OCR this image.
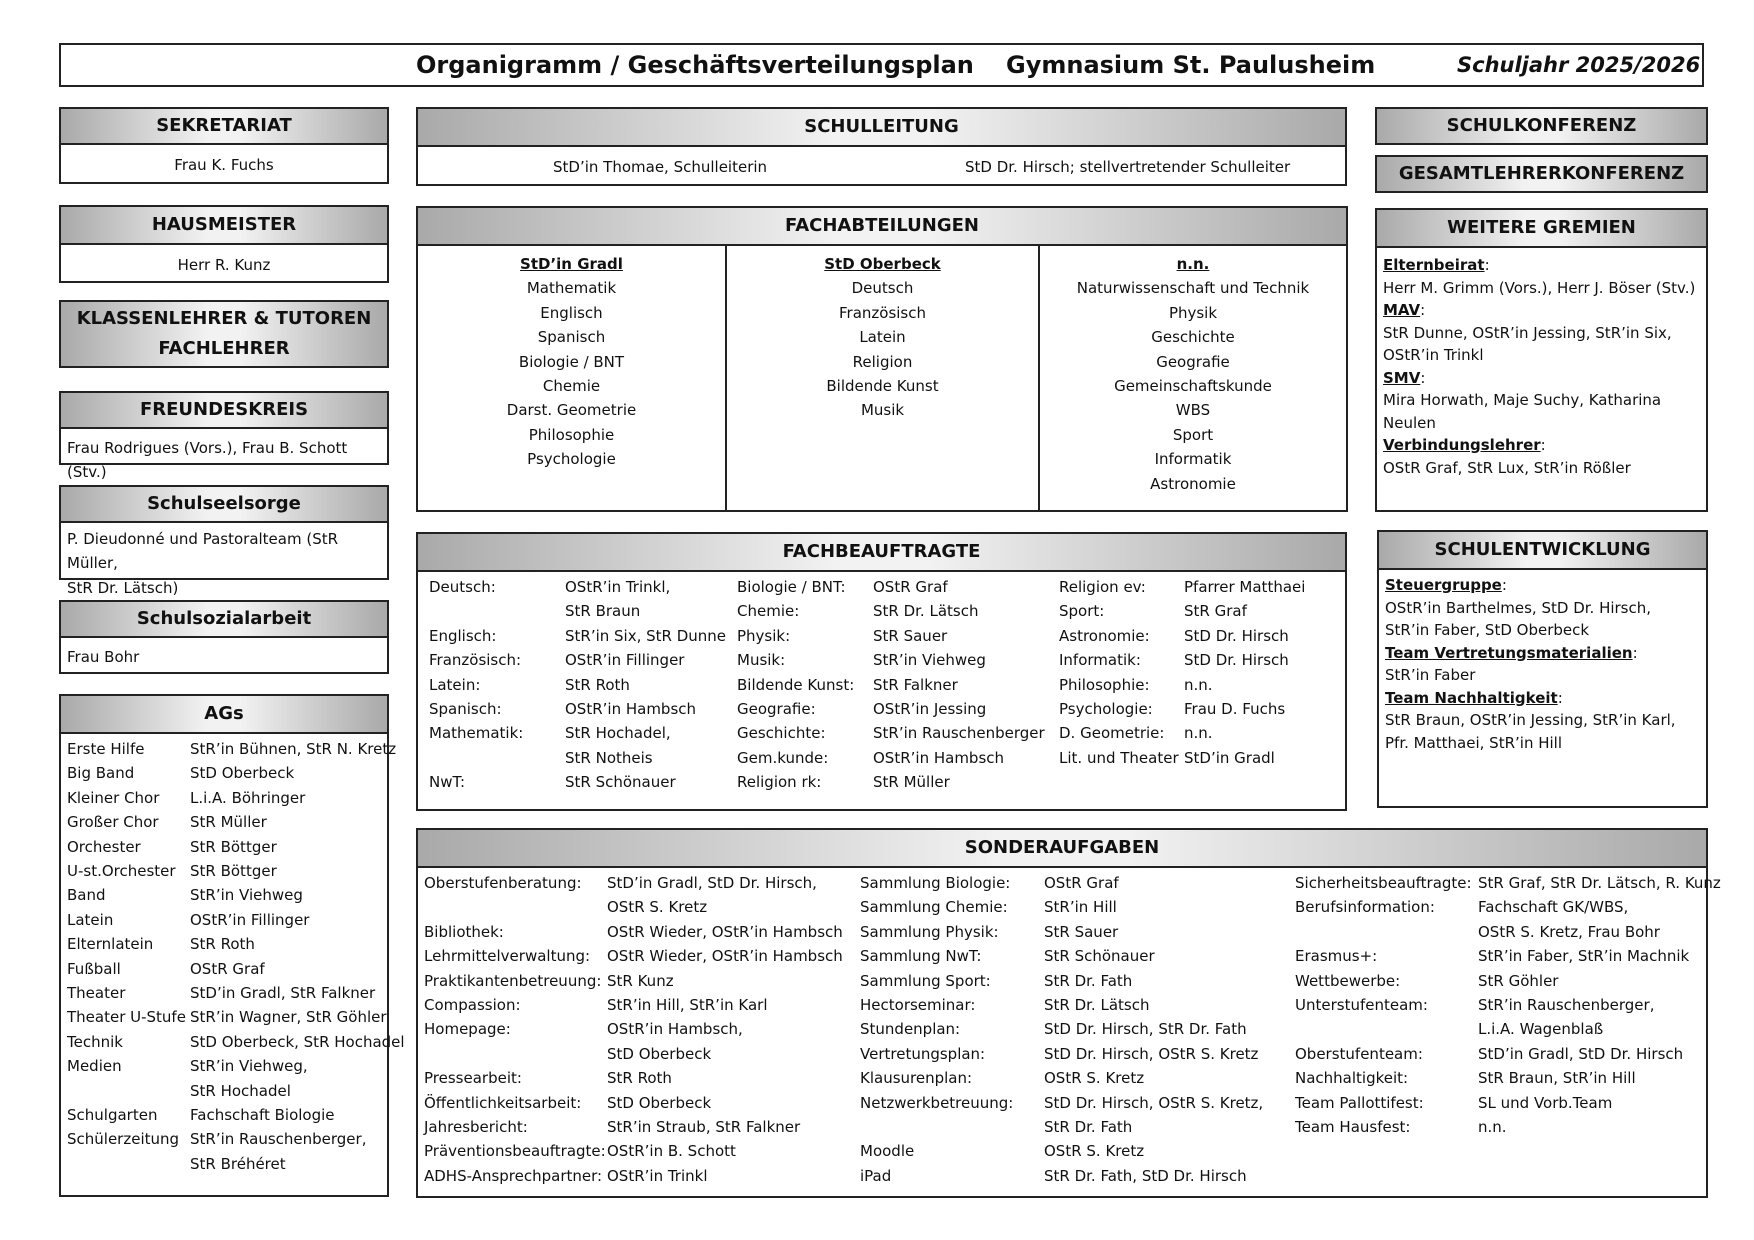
Organigramm / Geschäftsverteilungsplan Gymnasium St. Paulusheim	Schuljahr 2025/2026
SEKRETARIAT
Frau K. Fuchs
HAUSMEISTER
Herr R. Kunz
KLASSENLEHRER & TUTOREN
FACHLEHRER
FREUNDESKREIS
Frau Rodrigues (Vors.), Frau B. Schott (Stv.)
Schulseelsorge
P. Dieudonné und Pastoralteam (StR Müller,
StR Dr. Lätsch)
Schulsozialarbeit
Frau Bohr
AGs
Erste Hilfe	StR’in Bühnen, StR N. Kretz
Big Band	StD Oberbeck
Kleiner Chor L.i.A. Böhringer
Großer Chor StR Müller
Orchester	StR Böttger
U-st.Orchester StR Böttger
Band	StR’in Viehweg
Latein	OStR’in Fillinger
Elternlatein StR Roth
Fußball	OStR Graf
Theater	StD’in Gradl, StR Falkner
Theater U-Stufe StR’in Wagner, StR Göhler
Technik	StD Oberbeck, StR Hochadel
Medien	StR’in Viehweg,
StR Hochadel
Schulgarten Fachschaft Biologie
Schülerzeitung StR’in Rauschenberger,
StR Bréhéret
SCHULLEITUNG
StD’in Thomae, Schulleiterin	StD Dr. Hirsch; stellvertretender Schulleiter
FACHABTEILUNGEN
StD’in Gradl
Mathematik
Englisch
Spanisch
Biologie / BNT
Chemie
Darst. Geometrie
Philosophie
Psychologie
StD Oberbeck
Deutsch
Französisch
Latein
Religion
Bildende Kunst
Musik
n.n.
Naturwissenschaft und Technik
Physik
Geschichte
Geografie
Gemeinschaftskunde
WBS
Sport
Informatik
Astronomie
FACHBEAUFTRAGTE
Deutsch:	OStR’in Trinkl,
StR Braun
Englisch:	StR’in Six, StR Dunne
Französisch:	OStR’in Fillinger
Latein:	StR Roth
Spanisch:	OStR’in Hambsch
Mathematik:	StR Hochadel,
StR Notheis
NwT:	StR Schönauer
Biologie / BNT: OStR Graf
Chemie:	StR Dr. Lätsch
Physik:	StR Sauer
Musik:	StR’in Viehweg
Bildende Kunst: StR Falkner
Geografie:	OStR’in Jessing
Geschichte:	StR’in Rauschenberger
Gem.kunde:	OStR’in Hambsch
Religion rk:	StR Müller
Religion ev:	Pfarrer Matthaei
Sport:	StR Graf
Astronomie: StD Dr. Hirsch
Informatik:	StD Dr. Hirsch
Philosophie: n.n.
Psychologie: Frau D. Fuchs
D. Geometrie: n.n.
Lit. und Theater StD’in Gradl
SONDERAUFGABEN
Oberstufenberatung: StD’in Gradl, StD Dr. Hirsch,
OStR S. Kretz
Bibliothek:	OStR Wieder, OStR’in Hambsch
Lehrmittelverwaltung: OStR Wieder, OStR’in Hambsch
Praktikantenbetreuung: StR Kunz
Compassion:	StR’in Hill, StR’in Karl
Homepage:	OStR’in Hambsch,
StD Oberbeck
Pressearbeit:	StR Roth
Öffentlichkeitsarbeit: StD Oberbeck
Jahresbericht:	StR’in Straub, StR Falkner
Präventionsbeauftragte: OStR’in B. Schott
ADHS-Ansprechpartner: OStR’in Trinkl
Sammlung Biologie: OStR Graf
Sammlung Chemie: StR’in Hill
Sammlung Physik:	StR Sauer
Sammlung NwT:	StR Schönauer
Sammlung Sport:	StR Dr. Fath
Hectorseminar:	StR Dr. Lätsch
Stundenplan:	StD Dr. Hirsch, StR Dr. Fath
Vertretungsplan:	StD Dr. Hirsch, OStR S. Kretz
Klausurenplan:	OStR S. Kretz
Netzwerkbetreuung: StD Dr. Hirsch, OStR S. Kretz,
StR Dr. Fath
Moodle	OStR S. Kretz
iPad	StR Dr. Fath, StD Dr. Hirsch
Sicherheitsbeauftragte: StR Graf, StR Dr. Lätsch, R. Kunz
Berufsinformation:	Fachschaft GK/WBS,
OStR S. Kretz, Frau Bohr
Erasmus+:	StR’in Faber, StR’in Machnik
Wettbewerbe:	StR Göhler
Unterstufenteam:	StR’in Rauschenberger,
L.i.A. Wagenblaß
Oberstufenteam:	StD’in Gradl, StD Dr. Hirsch
Nachhaltigkeit:	StR Braun, StR’in Hill
Team Pallottifest:	SL und Vorb.Team
Team Hausfest:	n.n.
SCHULKONFERENZ
GESAMTLEHRERKONFERENZ
WEITERE GREMIEN
Elternbeirat:
Herr M. Grimm (Vors.), Herr J. Böser (Stv.)
MAV:
StR Dunne, OStR’in Jessing, StR’in Six,
OStR’in Trinkl
SMV:
Mira Horwath, Maje Suchy, Katharina Neulen
Verbindungslehrer:
OStR Graf, StR Lux, StR’in Rößler
SCHULENTWICKLUNG
Steuergruppe:
OStR’in Barthelmes, StD Dr. Hirsch,
StR’in Faber, StD Oberbeck
Team Vertretungsmaterialien:
StR’in Faber
Team Nachhaltigkeit:
StR Braun, OStR’in Jessing, StR’in Karl,
Pfr. Matthaei, StR’in Hill
